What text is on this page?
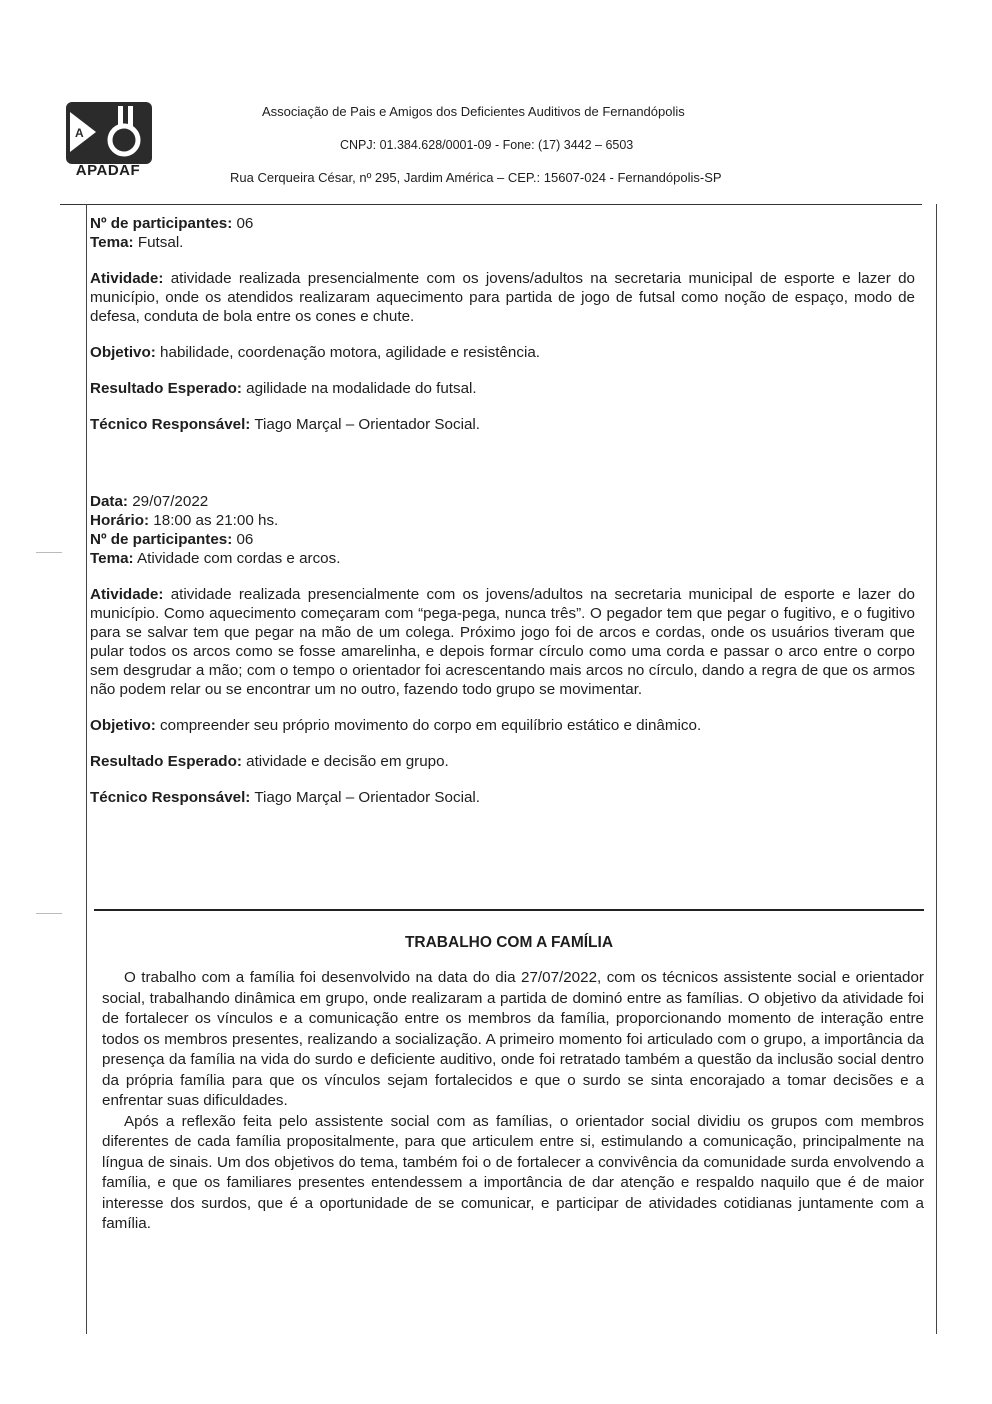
A
APADAF
Associação de Pais e Amigos dos Deficientes Auditivos de Fernandópolis
CNPJ: 01.384.628/0001-09 - Fone: (17) 3442 – 6503
Rua Cerqueira César, nº 295, Jardim América – CEP.: 15607-024 - Fernandópolis-SP

Nº de participantes: 06

Tema: Futsal.

Atividade: atividade realizada presencialmente com os jovens/adultos na secretaria municipal de esporte e lazer do município, onde os atendidos realizaram aquecimento para partida de jogo de futsal como noção de espaço, modo de defesa, conduta de bola entre os cones e chute.

Objetivo: habilidade, coordenação motora, agilidade e resistência.

Resultado Esperado: agilidade na modalidade do futsal.

Técnico Responsável: Tiago Marçal – Orientador Social.

Data: 29/07/2022

Horário: 18:00 as 21:00 hs.

Nº de participantes: 06

Tema: Atividade com cordas e arcos.

Atividade: atividade realizada presencialmente com os jovens/adultos na secretaria municipal de esporte e lazer do município. Como aquecimento começaram com “pega-pega, nunca três”. O pegador tem que pegar o fugitivo, e o fugitivo para se salvar tem que pegar na mão de um colega. Próximo jogo foi de arcos e cordas, onde os usuários tiveram que pular todos os arcos como se fosse amarelinha, e depois formar círculo como uma corda e passar o arco entre o corpo sem desgrudar a mão; com o tempo o orientador foi acrescentando mais arcos no círculo, dando a regra de que os armos não podem relar ou se encontrar um no outro, fazendo todo grupo se movimentar.

Objetivo: compreender seu próprio movimento do corpo em equilíbrio estático e dinâmico.

Resultado Esperado: atividade e decisão em grupo.

Técnico Responsável: Tiago Marçal – Orientador Social.

TRABALHO COM A FAMÍLIA

O trabalho com a família foi desenvolvido na data do dia 27/07/2022, com os técnicos assistente social e orientador social, trabalhando dinâmica em grupo, onde realizaram a partida de dominó entre as famílias. O objetivo da atividade foi de fortalecer os vínculos e a comunicação entre os membros da família, proporcionando momento de interação entre todos os membros presentes, realizando a socialização. A primeiro momento foi articulado com o grupo, a importância da presença da família na vida do surdo e deficiente auditivo, onde foi retratado também a questão da inclusão social dentro da própria família para que os vínculos sejam fortalecidos e que o surdo se sinta encorajado a tomar decisões e a enfrentar suas dificuldades.

Após a reflexão feita pelo assistente social com as famílias, o orientador social dividiu os grupos com membros diferentes de cada família propositalmente, para que articulem entre si, estimulando a comunicação, principalmente na língua de sinais. Um dos objetivos do tema, também foi o de fortalecer a convivência da comunidade surda envolvendo a família, e que os familiares presentes entendessem a importância de dar atenção e respaldo naquilo que é de maior interesse dos surdos, que é a oportunidade de se comunicar, e participar de atividades cotidianas juntamente com a família.
